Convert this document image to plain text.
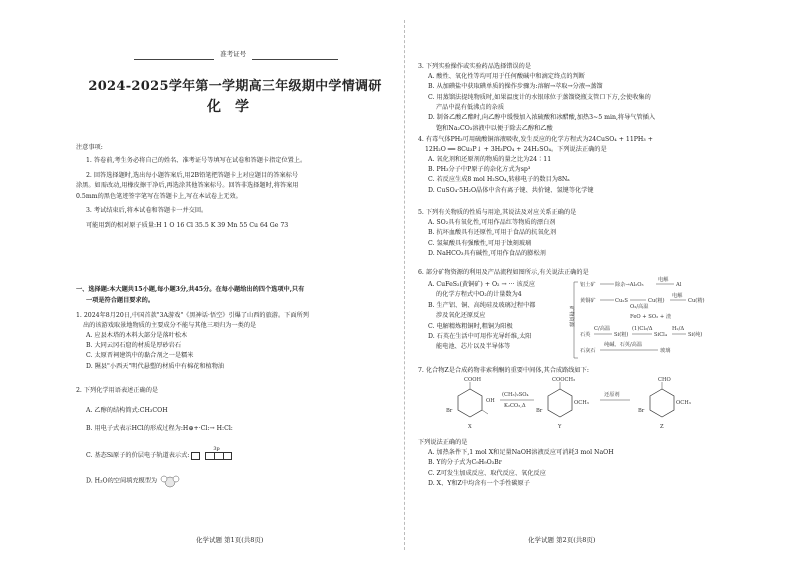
准考证号
2024-2025学年第一学期高三年级期中学情调研
化学
注意事项:
1. 答卷前,考生务必将自己的姓名、准考证号等填写在试卷和答题卡指定位置上。
2. 回答选择题时,选出每小题答案后,用2B铅笔把答题卡上对应题目的答案标号
涂黑。如需改动,用橡皮擦干净后,再选涂其他答案标号。回答非选择题时,将答案用
0.5mm的黑色笔迹签字笔写在答题卡上,写在本试卷上无效。
3. 考试结束后,将本试卷和答题卡一并交回。
可能用到的相对原子质量:H 1 O 16 Cl 35.5 K 39 Mn 55 Cu 64 Ge 73
一、选择题:本大题共15小题,每小题3分,共45分。在每小题给出的四个选项中,只有
一项是符合题目要求的。
1. 2024年8月20日,中国首款"3A游戏"《黑神话·悟空》引爆了山西的旅游。下面所列
出的该游戏取景地物质的主要成分不能与其他三项归为一类的是
A. 应县木塔的木料大部分是落叶松木
B. 大同云冈石窟的材质是厚砂岩石
C. 太原晋祠建筑中的黏合剂之一是糯米
D. 隰县"小西天"明代悬塑的材质中有棉花和植物油
2. 下列化学用语表述正确的是
A. 乙醇的结构简式:CH₃COH
B. 用电子式表示HCl的形成过程为:H⊕+·Cl:→ H:Cl:
C. 基态Si原子的价层电子轨道表示式:
3p
D. H₂O的空间填充模型为
化学试题 第1页(共8页)
3. 下列实验操作或实验药品选择错误的是
A. 酸性、氧化性等均可用于任何酸碱中和滴定终点的判断
B. 从加碘盐中获取碘单质的操作步骤为:溶解→萃取→分液→蒸馏
C. 用蒸馏法提纯物质时,如果温度计的水银球位于蒸馏烧瓶支管口下方,会使收集的
产品中混有低沸点的杂质
D. 制备乙酸乙酯时,向乙醇中缓慢加入浓硫酸和冰醋酸,加热3~5 min,将导气管插入
饱和Na₂CO₃溶液中以便于除去乙醇和乙酸
4. 有毒气体PH₃可用硫酸铜溶液吸收,发生反应的化学方程式为24CuSO₄ + 11PH₃ +
12H₂O ══ 8Cu₃P↓ + 3H₃PO₄ + 24H₂SO₄。下列说法正确的是
A. 氧化剂和还原剂的物质的量之比为24∶11
B. PH₃分子中P原子的杂化方式为sp³
C. 若反应生成8 mol H₂SO₄,转移电子的数目为8Nₐ
D. CuSO₄·5H₂O晶体中含有离子键、共价键、氢键等化学键
5. 下列有关物质的性质与用途,其说法及对应关系正确的是
A. SO₂具有氧化性,可用作品红等物质的漂白剂
B. 抗坏血酸具有还原性,可用于食品的抗氧化剂
C. 氢氟酸具有强酸性,可用于蚀刻玻璃
D. NaHCO₃具有碱性,可用作食品的膨松剂
6. 部分矿物资源的利用及产品流程如图所示,有关说法正确的是
A. CuFeS₂(黄铜矿) + O₂ → ··· 该反应
的化学方程式中O₂的计量数为4
B. 生产铝、铜、高纯硅及玻璃过程中都
涉及氧化还原反应
C. 电解精炼粗铜时,粗铜为阳极
D. 石英在生活中可用作光导纤维,太阳
能电池、芯片以及半导体等
矿物资源
铝土矿	除杂→Al₂O₃
电解
Al
黄铜矿	Cu₂S
O₂/高温
Cu(粗)
电解
Cu(精)
FeO + SO₂ + 渣
石英
C/高温
Si(粗)
(1)Cl₂/Δ
SiCl₄
H₂/Δ
Si(纯)
石灰石
纯碱、石英/高温
玻璃
7. 化合物Z是合成药物非索利酮的重要中间体,其合成路线如下:
COOH
OH
Br
X
(CH₃)₂SO₄
K₂CO₃,Δ
COOCH₃
OCH₃
Br
Y
还原剂
CHO
OCH₃
Br
Z
下列说法正确的是
A. 加热条件下,1 mol X和足量NaOH溶液反应可消耗3 mol NaOH
B. Y的分子式为C₉H₉O₃Br
C. Z可发生加成反应、取代反应、氧化反应
D. X、Y和Z中均含有一个手性碳原子
化学试题 第2页(共8页)
